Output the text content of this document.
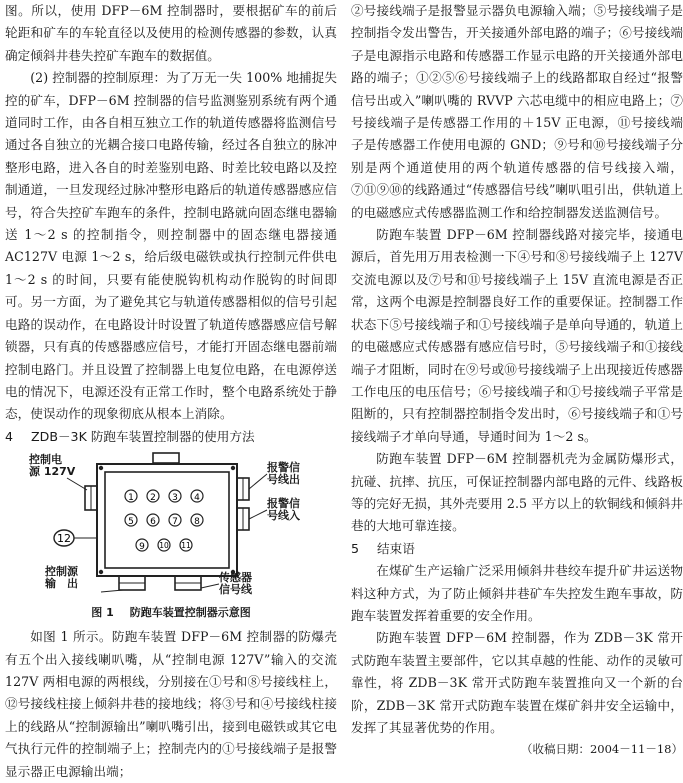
图。所以，使用 DFP－6M 控制器时，要根据矿车的前后轮距和矿车的车轮直径以及使用的检测传感器的参数，认真确定倾斜井巷失控矿车跑车的数据值。

(2) 控制器的控制原理：为了万无一失 100% 地捕捉失控的矿车，DFP－6M 控制器的信号监测鉴别系统有两个通道同时工作，由各自相互独立工作的轨道传感器将监测信号通过各自独立的光耦合接口电路传输，经过各自独立的脉冲整形电路，进入各自的时差鉴别电路、时差比较电路以及控制通道，一旦发现经过脉冲整形电路后的轨道传感器感应信号，符合失控矿车跑车的条件，控制电路就向固态继电器输送 1～2 s 的控制指令，则控制器中的固态继电器接通 AC127V 电源 1～2 s，给后级电磁铁或执行控制元件供电 1～2 s 的时间，只要有能使脱钩机构动作脱钩的时间即可。另一方面，为了避免其它与轨道传感器相似的信号引起电路的误动作，在电路设计时设置了轨道传感器感应信号解锁器，只有真的传感器感应信号，才能打开固态继电器前端控制电路门。并且设置了控制器上电复位电路，在电源停送电的情况下，电源还没有正常工作时，整个电路系统处于静态，使误动作的现象彻底从根本上消除。

4 ZDB－3K 防跑车装置控制器的使用方法
1 2 3 4
5 6 7 8
9 10 11
12
控制电
源 127V	报警信
号线出
报警信
号线入
控制源
输　出	传感器
信号线
图 1 防跑车装置控制器示意图

如图 1 所示。防跑车装置 DFP－6M 控制器的防爆壳有五个出入接线喇叭嘴，从“控制电源 127V”输入的交流 127V 两相电源的两根线，分别接在①号和⑧号接线柱上，⑫号接线柱接上倾斜井巷的接地线；将③号和④号接线柱接上的线路从“控制源输出”喇叭嘴引出，接到电磁铁或其它电气执行元件的控制端子上；控制壳内的①号接线端子是报警显示器正电源输出端；

②号接线端子是报警显示器负电源输入端；⑤号接线端子是控制指令发出警告，开关接通外部电路的端子；⑥号接线端子是电源指示电路和传感器工作显示电路的开关接通外部电路的端子；①②⑤⑥号接线端子上的线路都取自经过“报警信号出或入”喇叭嘴的 RVVP 六芯电缆中的相应电路上；⑦号接线端子是传感器工作用的＋15V 正电源，⑪号接线端子是传感器工作使用电源的 GND；⑨号和⑩号接线端子分别是两个通道使用的两个轨道传感器的信号线接入端，⑦⑪⑨⑩的线路通过“传感器信号线”喇叭咀引出，供轨道上的电磁感应式传感器监测工作和给控制器发送监测信号。

防跑车装置 DFP－6M 控制器线路对接完毕，接通电源后，首先用万用表检测一下④号和⑧号接线端子上 127V 交流电源以及⑦号和⑪号接线端子上 15V 直流电源是否正常，这两个电源是控制器良好工作的重要保证。控制器工作状态下⑤号接线端子和①号接线端子是单向导通的，轨道上的电磁感应式传感器有感应信号时，⑤号接线端子和①接线端子才阻断，同时在⑨号或⑩号接线端子上出现接近传感器工作电压的电压信号；⑥号接线端子和①号接线端子平常是阻断的，只有控制器控制指令发出时，⑥号接线端子和①号接线端子才单向导通，导通时间为 1～2 s。

防跑车装置 DFP－6M 控制器机壳为金属防爆形式，抗碰、抗摔、抗压，可保证控制器内部电路的元件、线路板等的完好无损，其外壳要用 2.5 平方以上的软铜线和倾斜井巷的大地可靠连接。

5 结束语

在煤矿生产运输广泛采用倾斜井巷绞车提升矿井运送物料这种方式，为了防止倾斜井巷矿车失控发生跑车事故，防跑车装置发挥着重要的安全作用。

防跑车装置 DFP－6M 控制器，作为 ZDB－3K 常开式防跑车装置主要部件，它以其卓越的性能、动作的灵敏可靠性，将 ZDB－3K 常开式防跑车装置推向又一个新的台阶，ZDB－3K 常开式防跑车装置在煤矿斜井安全运输中，发挥了其显著优势的作用。

（收稿日期：2004－11－18）
